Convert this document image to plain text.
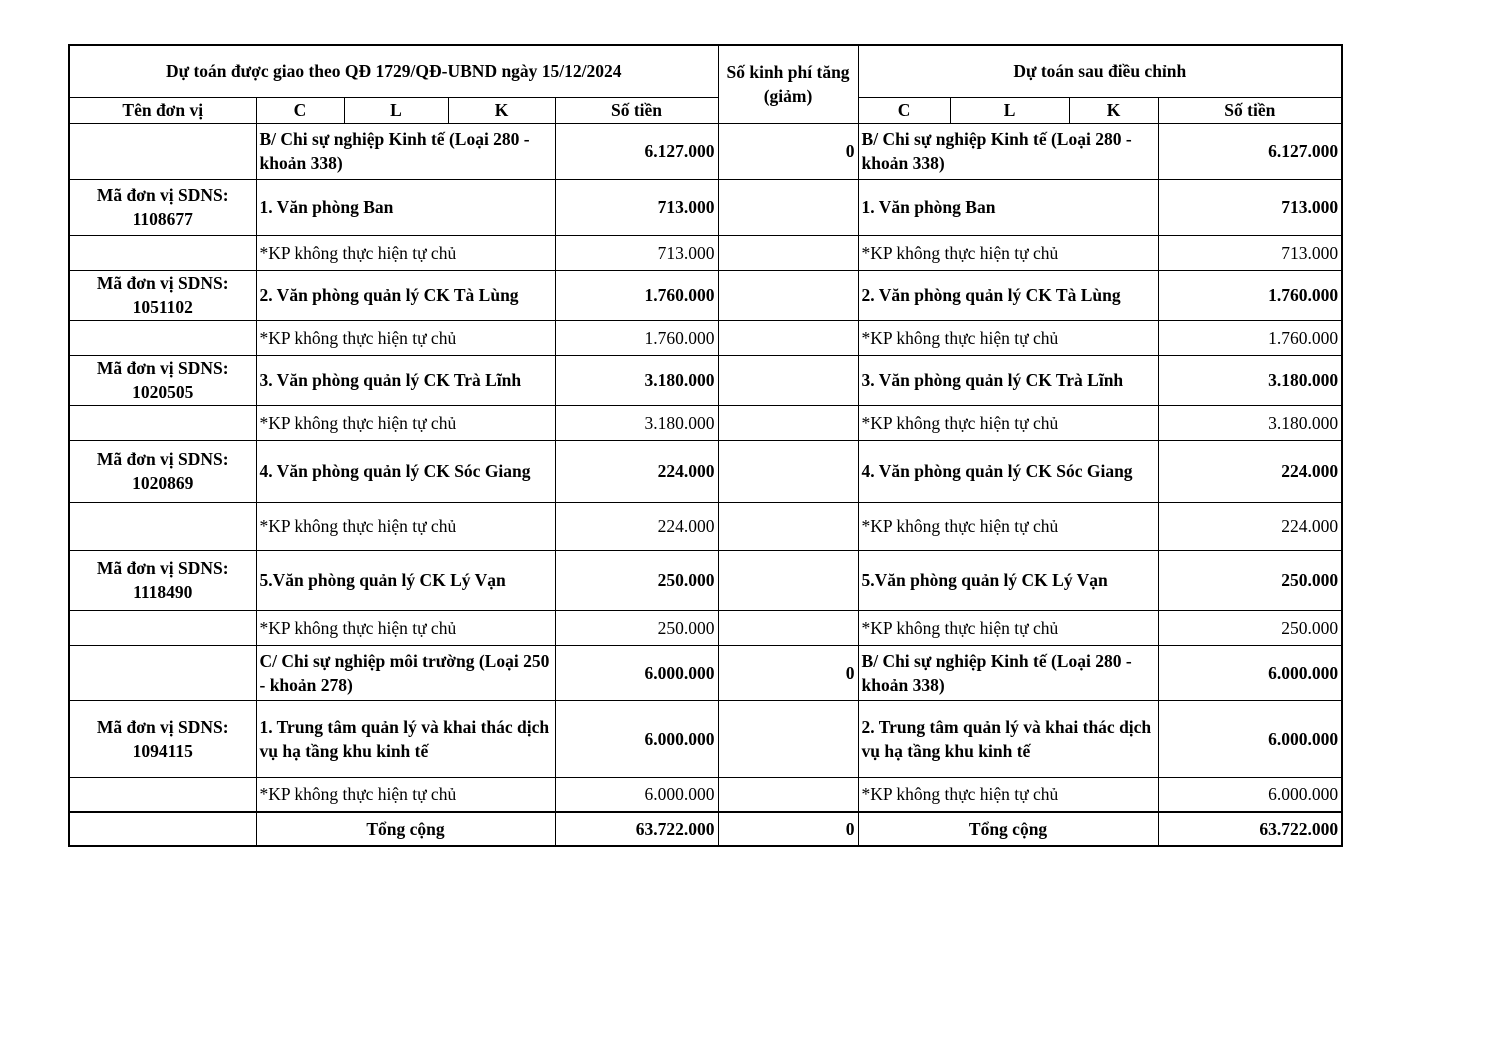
Dự toán được giao theo QĐ 1729/QĐ-UBND ngày 15/12/2024					Số kinh phí tăng (giảm)	Dự toán sau điều chỉnh			
Tên đơn vị	C	L	K	Số tiền		C	L	K	Số tiền
	B/ Chi sự nghiệp Kinh tế (Loại 280 - khoản 338)			6.127.000	0	B/ Chi sự nghiệp Kinh tế (Loại 280 - khoản 338)			6.127.000
Mã đơn vị SDNS: 1108677	1. Văn phòng Ban			713.000		1. Văn phòng Ban			713.000
	*KP không thực hiện tự chủ			713.000		*KP không thực hiện tự chủ			713.000
Mã đơn vị SDNS: 1051102	2. Văn phòng quản lý CK Tà Lùng			1.760.000		2. Văn phòng quản lý CK Tà Lùng			1.760.000
	*KP không thực hiện tự chủ			1.760.000		*KP không thực hiện tự chủ			1.760.000
Mã đơn vị SDNS: 1020505	3. Văn phòng quản lý CK Trà Lĩnh			3.180.000		3. Văn phòng quản lý CK Trà Lĩnh			3.180.000
	*KP không thực hiện tự chủ			3.180.000		*KP không thực hiện tự chủ			3.180.000
Mã đơn vị SDNS: 1020869	4. Văn phòng quản lý CK Sóc Giang			224.000		4. Văn phòng quản lý CK Sóc Giang			224.000
	*KP không thực hiện tự chủ			224.000		*KP không thực hiện tự chủ			224.000
Mã đơn vị SDNS: 1118490	5.Văn phòng quản lý CK Lý Vạn			250.000		5.Văn phòng quản lý CK Lý Vạn			250.000
	*KP không thực hiện tự chủ			250.000		*KP không thực hiện tự chủ			250.000
	C/ Chi sự nghiệp môi trường (Loại 250 - khoản 278)			6.000.000	0	B/ Chi sự nghiệp Kinh tế (Loại 280 - khoản 338)			6.000.000
Mã đơn vị SDNS: 1094115	1. Trung tâm quản lý và khai thác dịch vụ hạ tầng khu kinh tế			6.000.000		2. Trung tâm quản lý và khai thác dịch vụ hạ tầng khu kinh tế			6.000.000
	*KP không thực hiện tự chủ			6.000.000		*KP không thực hiện tự chủ			6.000.000
	Tổng cộng			63.722.000	0	Tổng cộng			63.722.000
